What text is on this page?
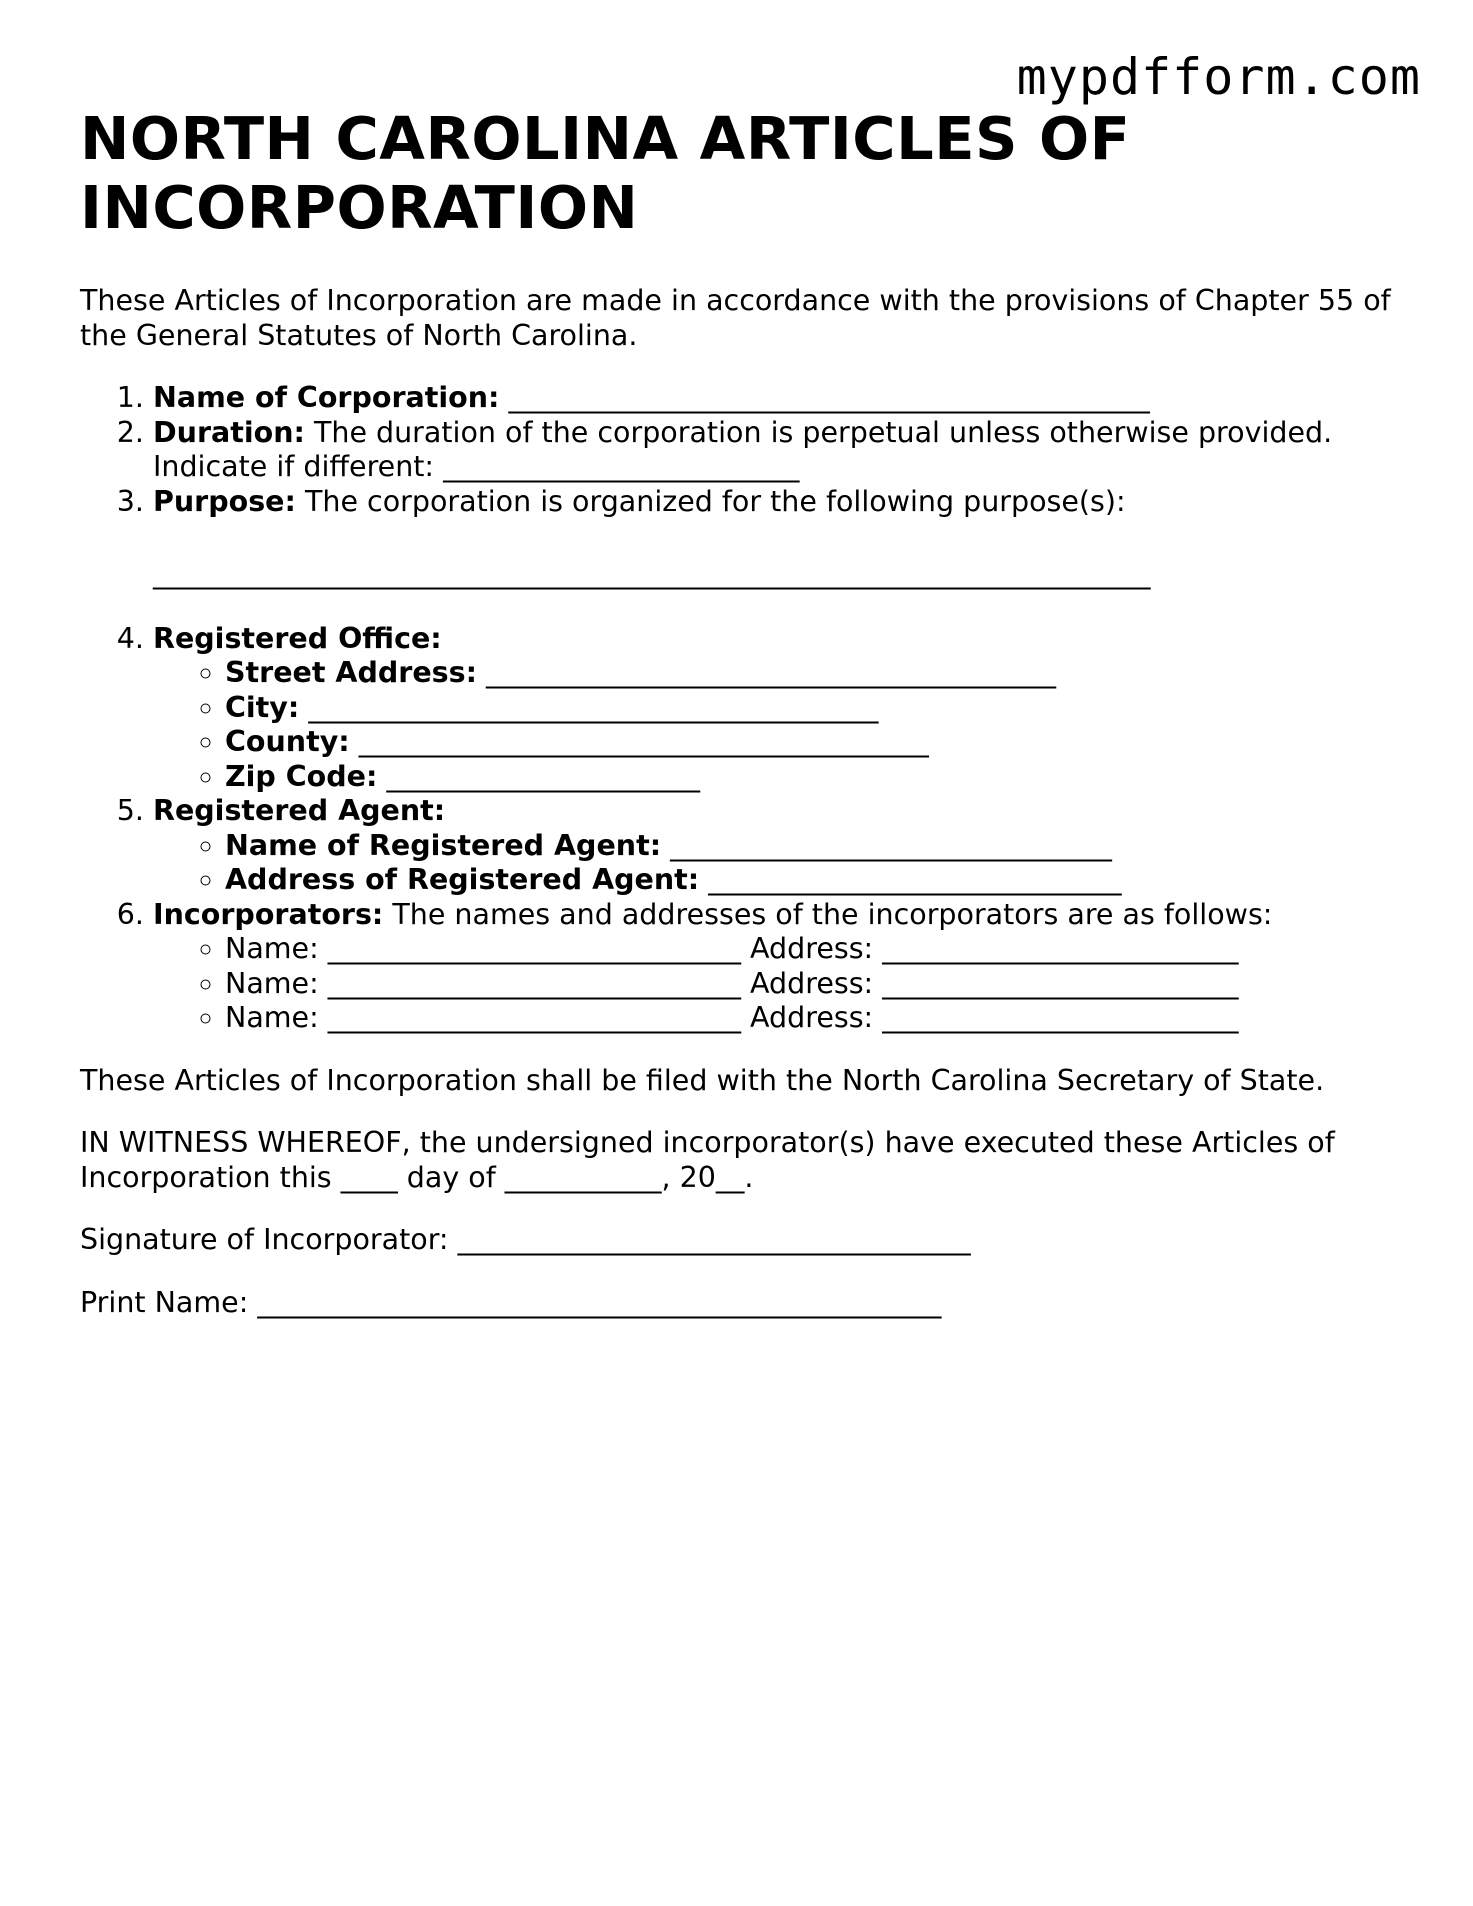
mypdfform.com
NORTH CAROLINA ARTICLES OF INCORPORATION

These Articles of Incorporation are made in accordance with the provisions of Chapter 55 of the General Statutes of North Carolina.

1. Name of Corporation: _____________________________________________
2. Duration: The duration of the corporation is perpetual unless otherwise provided. Indicate if different: _________________________
3. Purpose: The corporation is organized for the following purpose(s):
______________________________________________________________________
4. Registered Office:
◦ Street Address: ________________________________________
◦ City: ________________________________________
◦ County: ________________________________________
◦ Zip Code: ______________________
5. Registered Agent:
◦ Name of Registered Agent: _______________________________
◦ Address of Registered Agent: _____________________________
6. Incorporators: The names and addresses of the incorporators are as follows:
◦ Name: _____________________________ Address: _________________________
◦ Name: _____________________________ Address: _________________________
◦ Name: _____________________________ Address: _________________________

These Articles of Incorporation shall be filed with the North Carolina Secretary of State.

IN WITNESS WHEREOF, the undersigned incorporator(s) have executed these Articles of Incorporation this ____ day of ___________, 20__.

Signature of Incorporator: ____________________________________

Print Name: ________________________________________________
